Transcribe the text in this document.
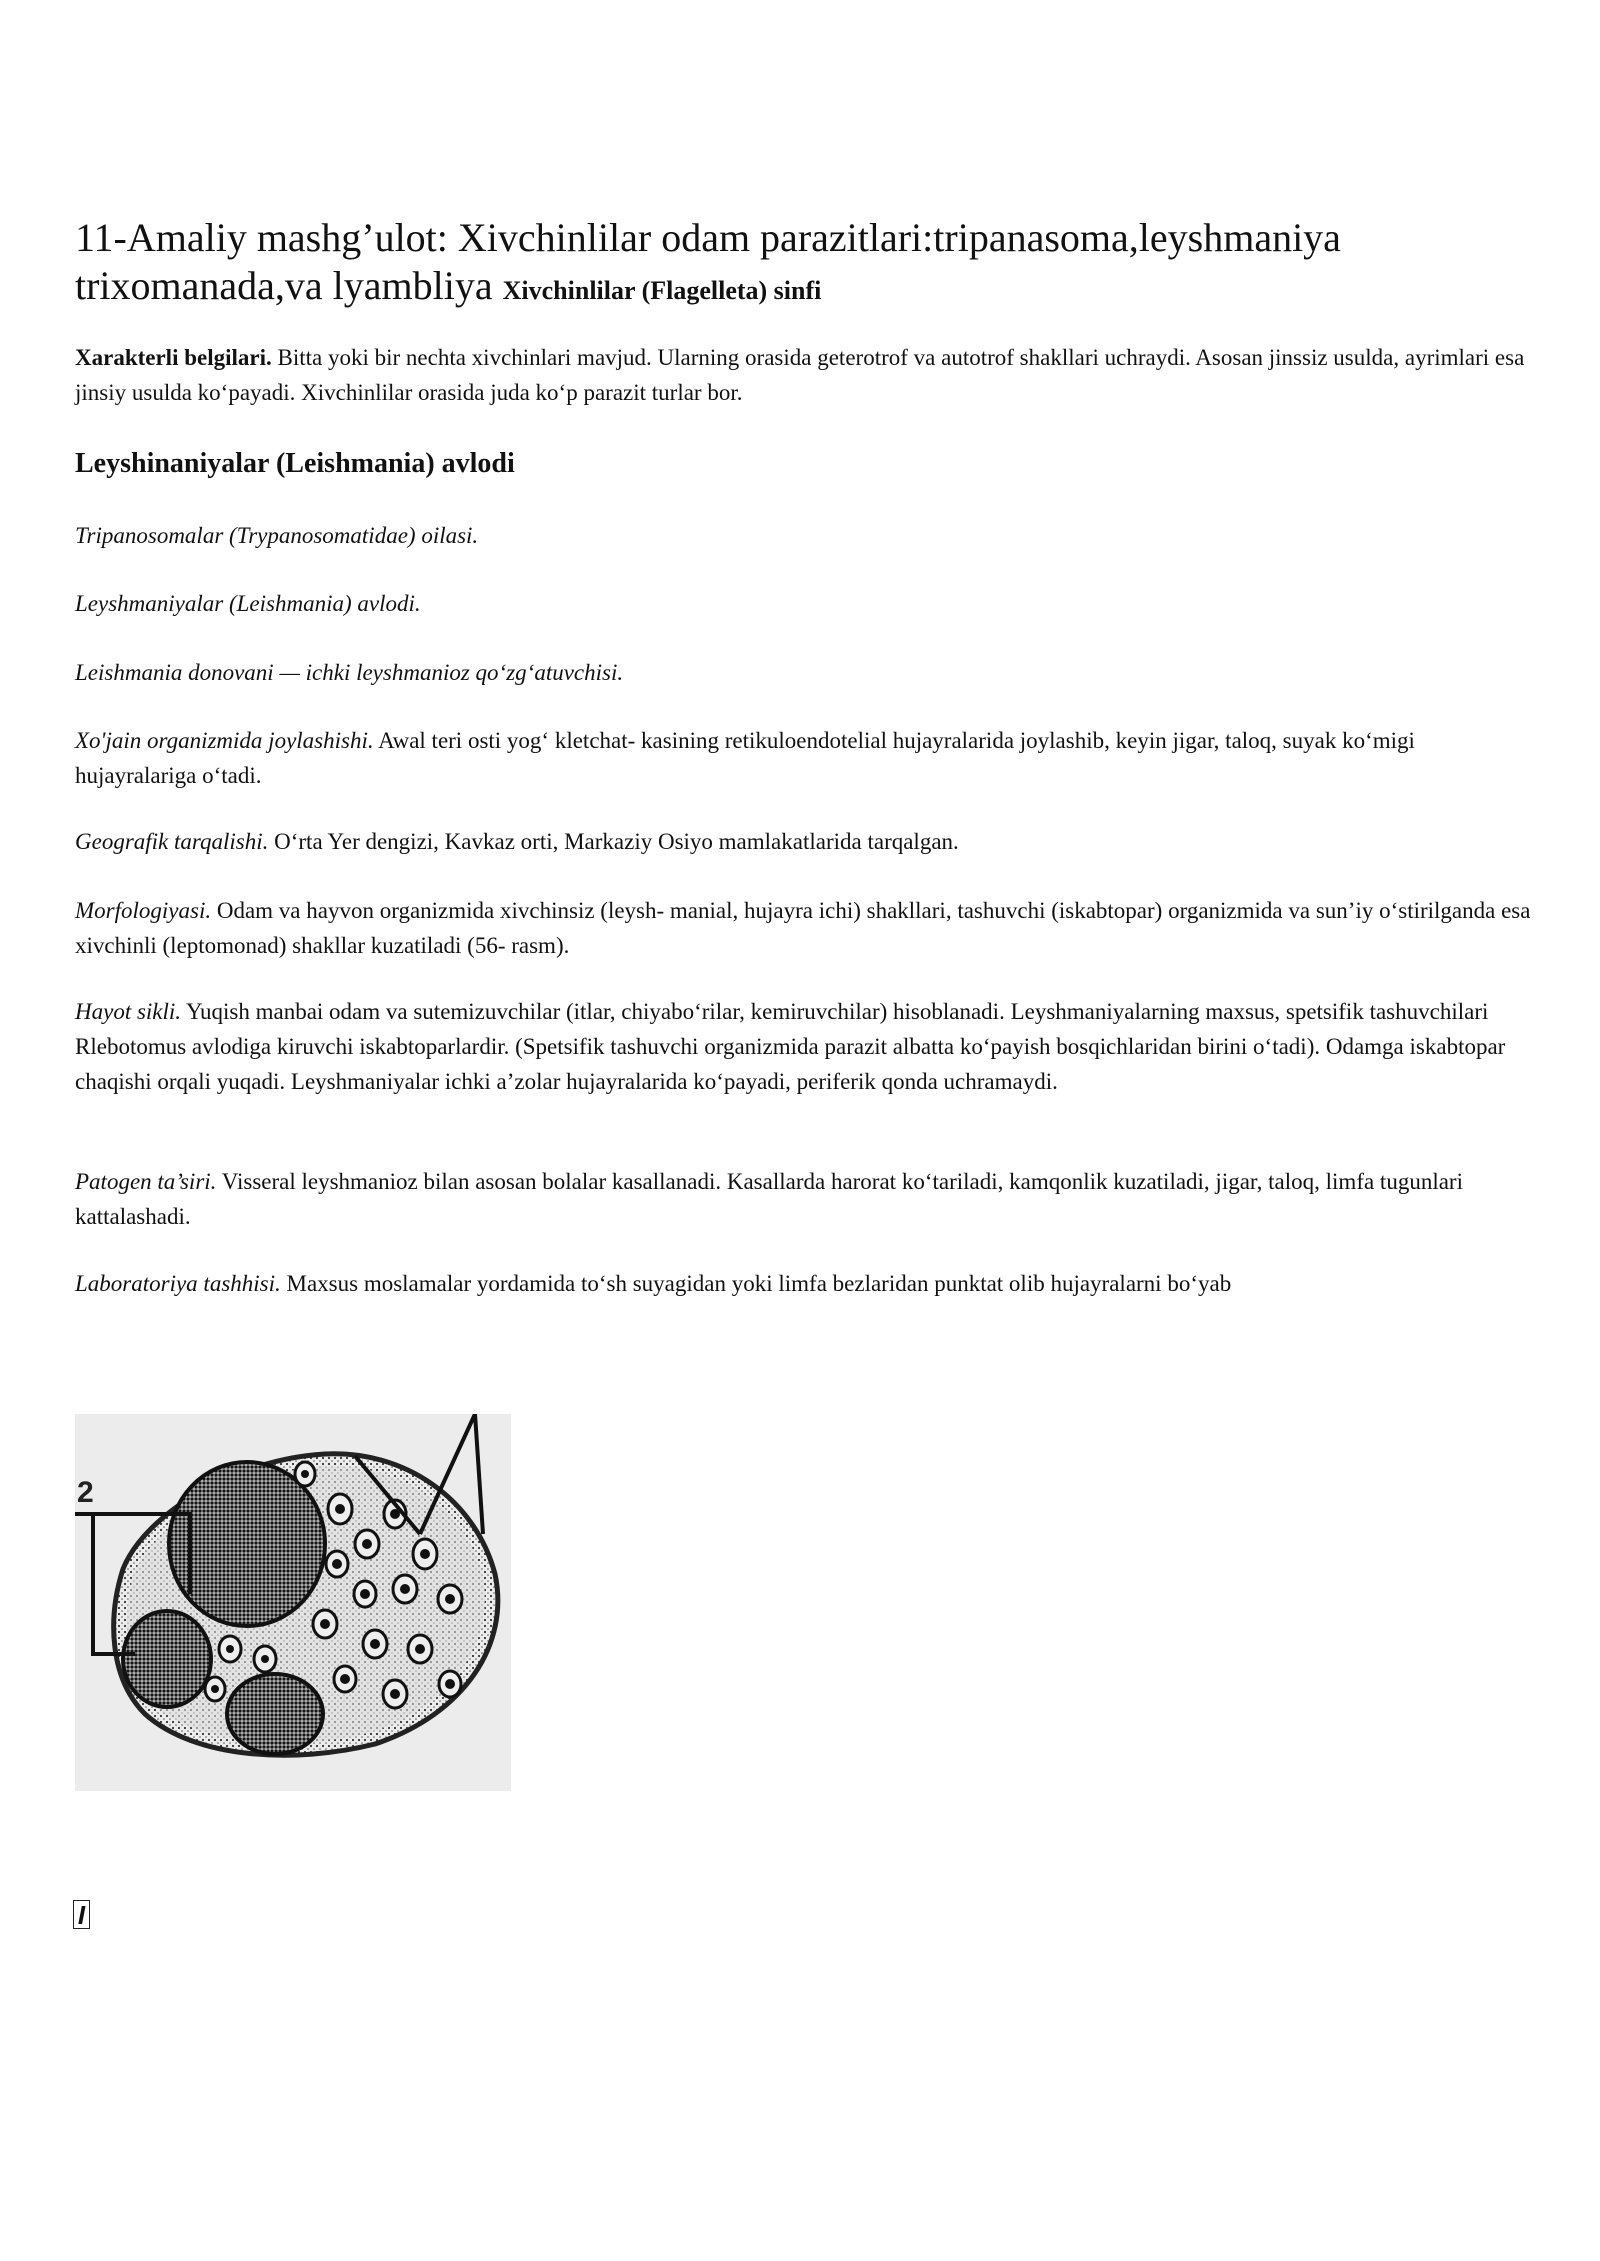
11-Amaliy mashg’ulot: Xivchinlilar odam parazitlari:tripanasoma,leyshmaniya trixomanada,va lyambliya Xivchinlilar (Flagelleta) sinfi

Xarakterli belgilari. Bitta yoki bir nechta xivchinlari mavjud. Ularning orasida geterotrof va autotrof shakllari uchraydi. Asosan jinssiz usulda, ayrimlari esa jinsiy usulda ko‘payadi. Xivchinlilar orasida juda ko‘p parazit turlar bor.

Leyshinaniyalar (Leishmania) avlodi

Tripanosomalar (Trypanosomatidae) oilasi.

Leyshmaniyalar (Leishmania) avlodi.

Leishmania donovani — ichki leyshmanioz qo‘zg‘atuvchisi.

Xo'jain organizmida joylashishi. Awal teri osti yog‘ kletchat- kasining retikuloendotelial hujayralarida joylashib, keyin jigar, taloq, suyak ko‘migi hujayralariga o‘tadi.

Geografik tarqalishi. O‘rta Yer dengizi, Kavkaz orti, Markaziy Osiyo mamlakatlarida tarqalgan.

Morfologiyasi. Odam va hayvon organizmida xivchinsiz (leysh- manial, hujayra ichi) shakllari, tashuvchi (iskabtopar) organizmida va sun’iy o‘stirilganda esa xivchinli (leptomonad) shakllar kuzatiladi (56- rasm).

Hayot sikli. Yuqish manbai odam va sutemizuvchilar (itlar, chiyabo‘rilar, kemiruvchilar) hisoblanadi. Leyshmaniyalarning maxsus, spetsifik tashuvchilari Rlebotomus avlodiga kiruvchi iskabtoparlardir. (Spetsifik tashuvchi organizmida parazit albatta ko‘payish bosqichlaridan birini o‘tadi). Odamga iskabtopar chaqishi orqali yuqadi. Leyshmaniyalar ichki a’zolar hujayralarida ko‘payadi, periferik qonda uchramaydi.

Patogen ta’siri. Visseral leyshmanioz bilan asosan bolalar kasallanadi. Kasallarda harorat ko‘tariladi, kamqonlik kuzatiladi, jigar, taloq, limfa tugunlari kattalashadi.

Laboratoriya tashhisi. Maxsus moslamalar yordamida to‘sh suyagidan yoki limfa bezlaridan punktat olib hujayralarni bo‘yab

2
I
